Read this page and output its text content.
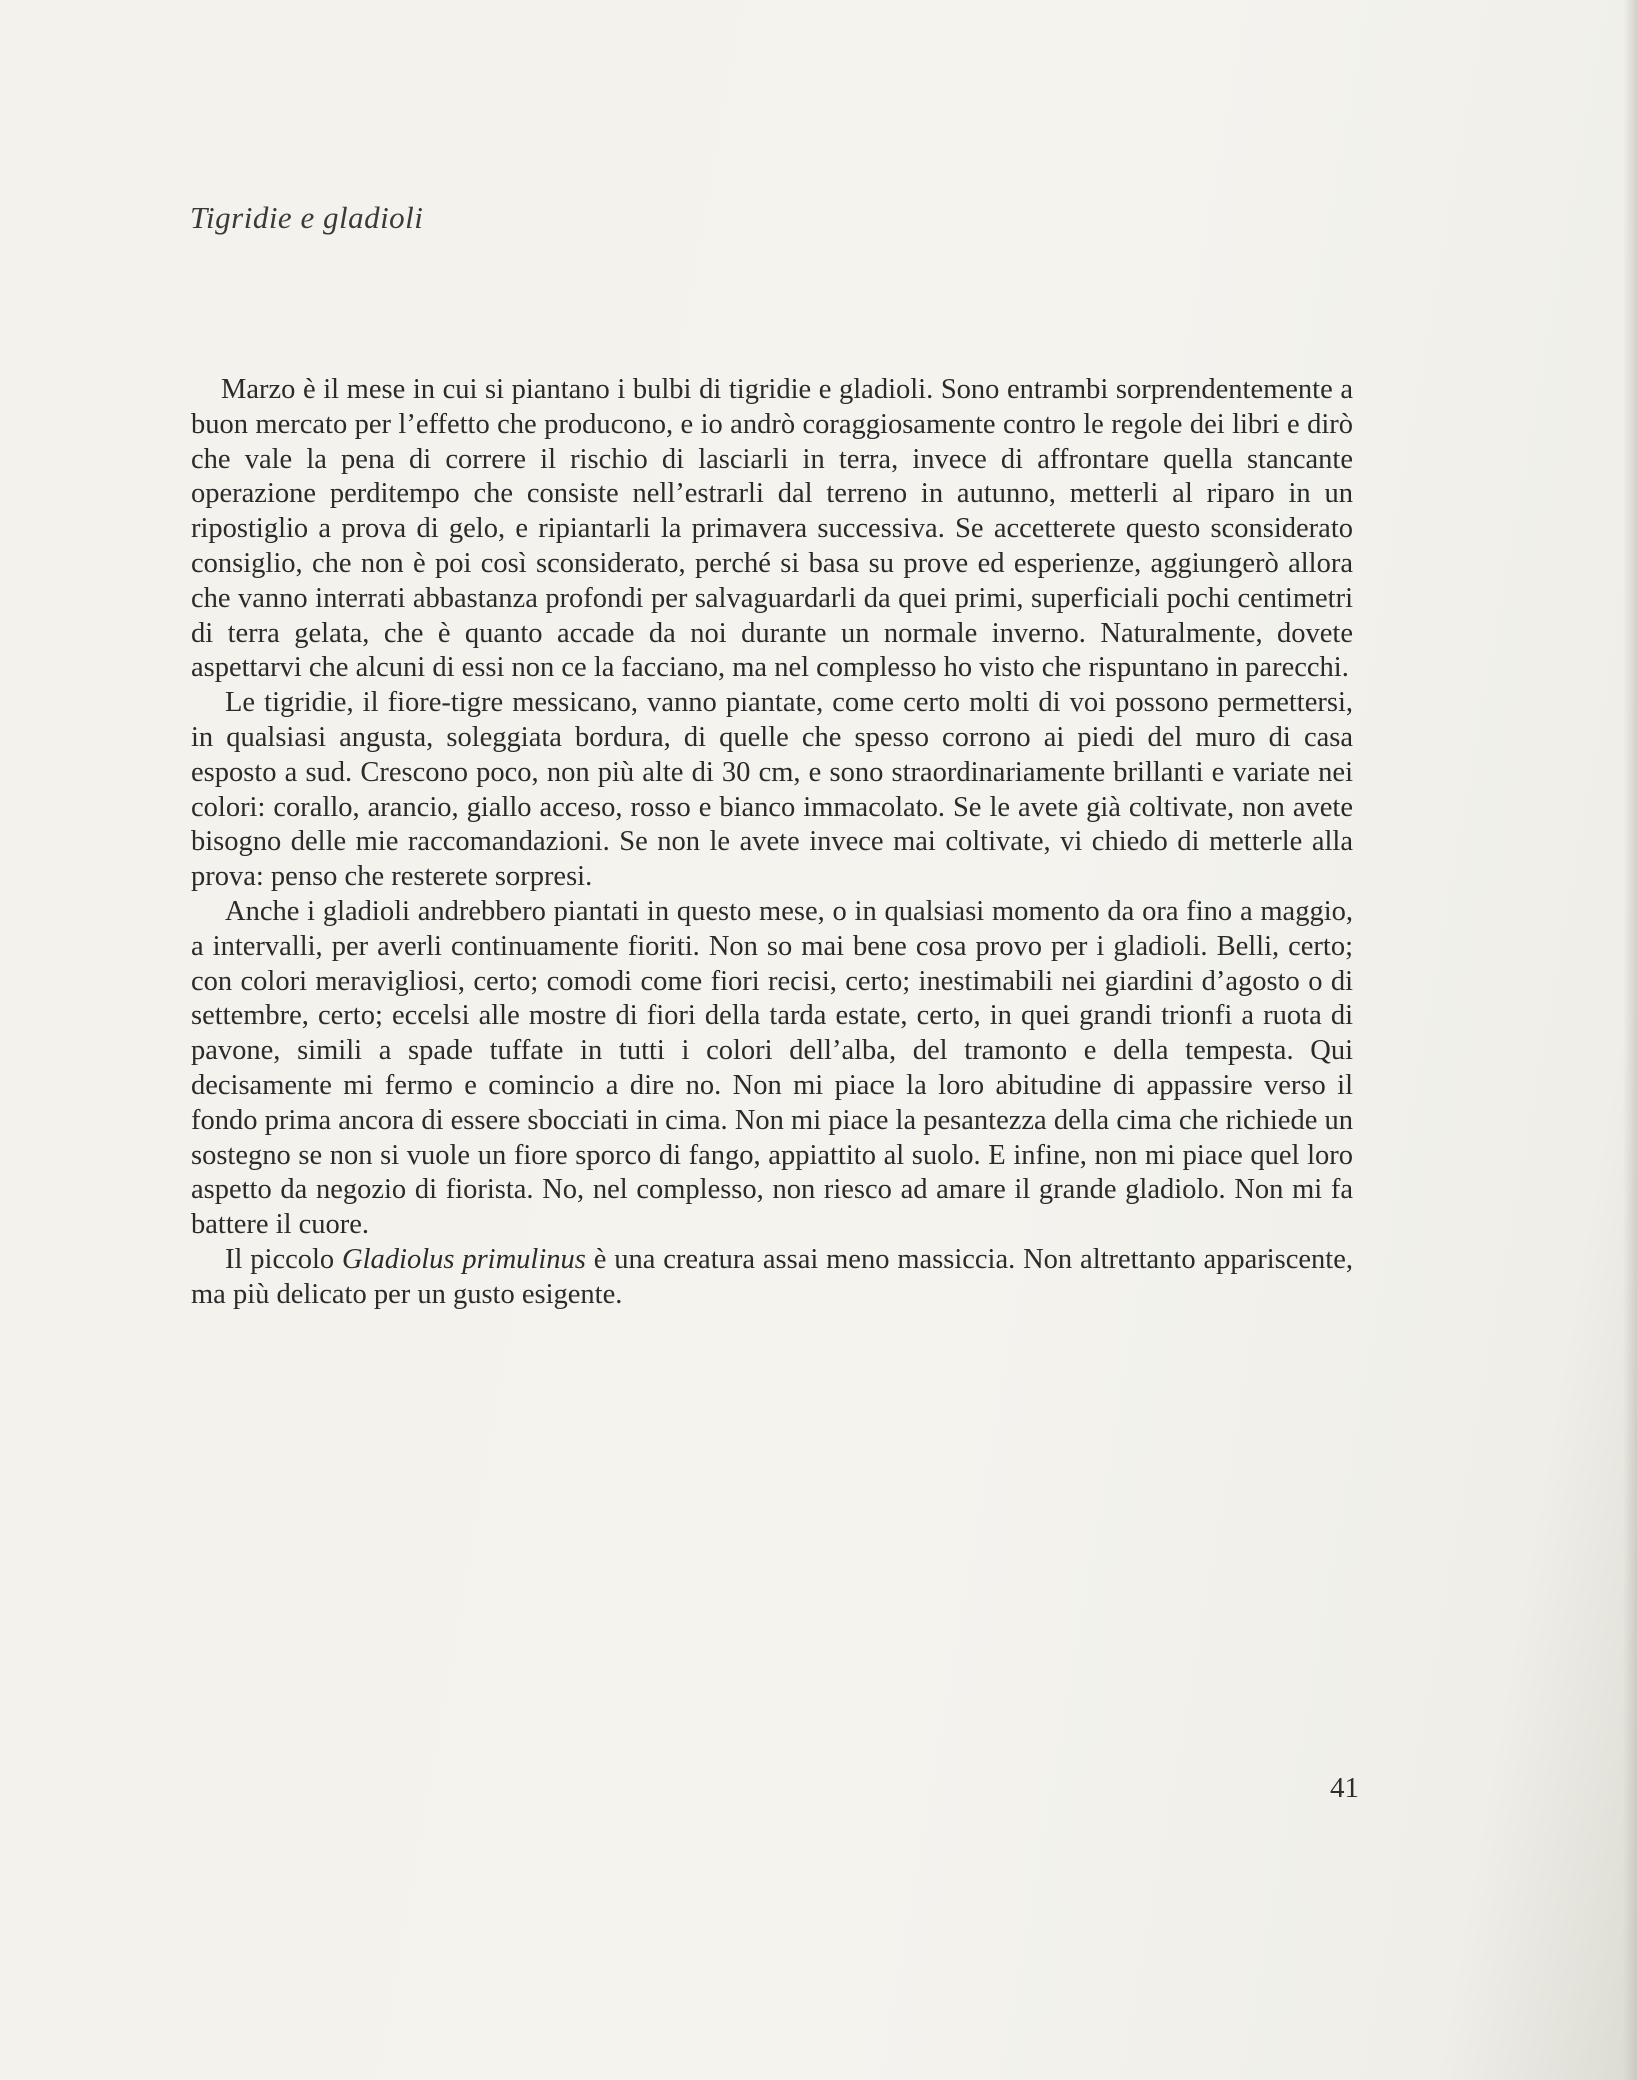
Tigridie e gladioli

Marzo è il mese in cui si piantano i bulbi di tigridie e gladioli. Sono entrambi sorprendentemente a buon mercato per l’effetto che producono, e io andrò coraggiosamente contro le regole dei libri e dirò che vale la pena di correre il rischio di lasciarli in terra, invece di affrontare quella stancante operazione perditempo che consiste nell’estrarli dal terreno in autunno, metterli al riparo in un ripostiglio a prova di gelo, e ripiantarli la primavera successiva. Se accetterete questo sconsiderato consiglio, che non è poi così sconsiderato, perché si basa su prove ed esperienze, aggiungerò allora che vanno interrati abbastanza profondi per salvaguardarli da quei primi, superficiali pochi centimetri di terra gelata, che è quanto accade da noi durante un normale inverno. Naturalmente, dovete aspettarvi che alcuni di essi non ce la facciano, ma nel complesso ho visto che rispuntano in parecchi.

Le tigridie, il fiore-tigre messicano, vanno piantate, come certo molti di voi possono permettersi, in qualsiasi angusta, soleggiata bordura, di quelle che spesso corrono ai piedi del muro di casa esposto a sud. Crescono poco, non più alte di 30 cm, e sono straordinariamente brillanti e variate nei colori: corallo, arancio, giallo acceso, rosso e bianco immacolato. Se le avete già coltivate, non avete bisogno delle mie raccomandazioni. Se non le avete invece mai coltivate, vi chiedo di metterle alla prova: penso che resterete sorpresi.

Anche i gladioli andrebbero piantati in questo mese, o in qualsiasi momento da ora fino a maggio, a intervalli, per averli continuamente fioriti. Non so mai bene cosa provo per i gladioli. Belli, certo; con colori meravigliosi, certo; comodi come fiori recisi, certo; inestimabili nei giardini d’agosto o di settembre, certo; eccelsi alle mostre di fiori della tarda estate, certo, in quei grandi trionfi a ruota di pavone, simili a spade tuffate in tutti i colori dell’alba, del tramonto e della tempesta. Qui decisamente mi fermo e comincio a dire no. Non mi piace la loro abitudine di appassire verso il fondo prima ancora di essere sbocciati in cima. Non mi piace la pesantezza della cima che richiede un sostegno se non si vuole un fiore sporco di fango, appiattito al suolo. E infine, non mi piace quel loro aspetto da negozio di fiorista. No, nel complesso, non riesco ad amare il grande gladiolo. Non mi fa battere il cuore.

Il piccolo Gladiolus primulinus è una creatura assai meno massiccia. Non altrettanto appariscente, ma più delicato per un gusto esigente.

41
